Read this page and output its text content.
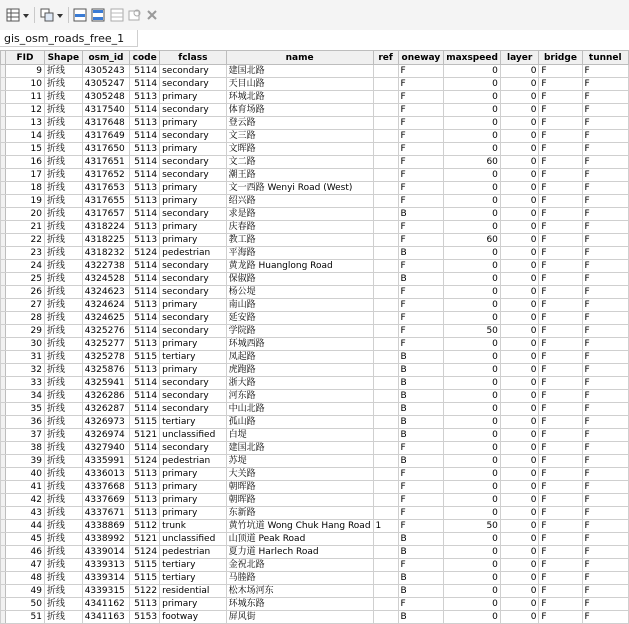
gis_osm_roads_free_1
	FID	Shape	osm_id	code	fclass	name	ref	oneway	maxspeed	layer	bridge	tunnel
	9	折线	4305243	5114	secondary	建国北路		F	0	0	F	F
	10	折线	4305247	5114	secondary	天目山路		F	0	0	F	F
	11	折线	4305248	5113	primary	环城北路		F	0	0	F	F
	12	折线	4317540	5114	secondary	体育场路		F	0	0	F	F
	13	折线	4317648	5113	primary	登云路		F	0	0	F	F
	14	折线	4317649	5114	secondary	文三路		F	0	0	F	F
	15	折线	4317650	5113	primary	文晖路		F	0	0	F	F
	16	折线	4317651	5114	secondary	文二路		F	60	0	F	F
	17	折线	4317652	5114	secondary	潮王路		F	0	0	F	F
	18	折线	4317653	5113	primary	文一西路 Wenyi Road (West)		F	0	0	F	F
	19	折线	4317655	5113	primary	绍兴路		F	0	0	F	F
	20	折线	4317657	5114	secondary	求是路		B	0	0	F	F
	21	折线	4318224	5113	primary	庆春路		F	0	0	F	F
	22	折线	4318225	5113	primary	教工路		F	60	0	F	F
	23	折线	4318232	5124	pedestrian	平海路		B	0	0	F	F
	24	折线	4322738	5114	secondary	黄龙路 Huanglong Road		F	0	0	F	F
	25	折线	4324528	5114	secondary	保俶路		B	0	0	F	F
	26	折线	4324623	5114	secondary	杨公堤		F	0	0	F	F
	27	折线	4324624	5113	primary	南山路		F	0	0	F	F
	28	折线	4324625	5114	secondary	延安路		F	0	0	F	F
	29	折线	4325276	5114	secondary	学院路		F	50	0	F	F
	30	折线	4325277	5113	primary	环城西路		F	0	0	F	F
	31	折线	4325278	5115	tertiary	凤起路		B	0	0	F	F
	32	折线	4325876	5113	primary	虎跑路		B	0	0	F	F
	33	折线	4325941	5114	secondary	浙大路		B	0	0	F	F
	34	折线	4326286	5114	secondary	河东路		B	0	0	F	F
	35	折线	4326287	5114	secondary	中山北路		B	0	0	F	F
	36	折线	4326973	5115	tertiary	孤山路		B	0	0	F	F
	37	折线	4326974	5121	unclassified	白堤		B	0	0	F	F
	38	折线	4327940	5114	secondary	建国北路		F	0	0	F	F
	39	折线	4335991	5124	pedestrian	苏堤		B	0	0	F	F
	40	折线	4336013	5113	primary	大关路		F	0	0	F	F
	41	折线	4337668	5113	primary	朝晖路		F	0	0	F	F
	42	折线	4337669	5113	primary	朝晖路		F	0	0	F	F
	43	折线	4337671	5113	primary	东新路		F	0	0	F	F
	44	折线	4338869	5112	trunk	黄竹坑道 Wong Chuk Hang Road	1	F	50	0	F	F
	45	折线	4338992	5121	unclassified	山顶道 Peak Road		B	0	0	F	F
	46	折线	4339014	5124	pedestrian	夏力道 Harlech Road		B	0	0	F	F
	47	折线	4339313	5115	tertiary	金祝北路		F	0	0	F	F
	48	折线	4339314	5115	tertiary	马塍路		B	0	0	F	F
	49	折线	4339315	5122	residential	松木场河东		B	0	0	F	F
	50	折线	4341162	5113	primary	环城东路		F	0	0	F	F
	51	折线	4341163	5153	footway	屏风街		B	0	0	F	F
